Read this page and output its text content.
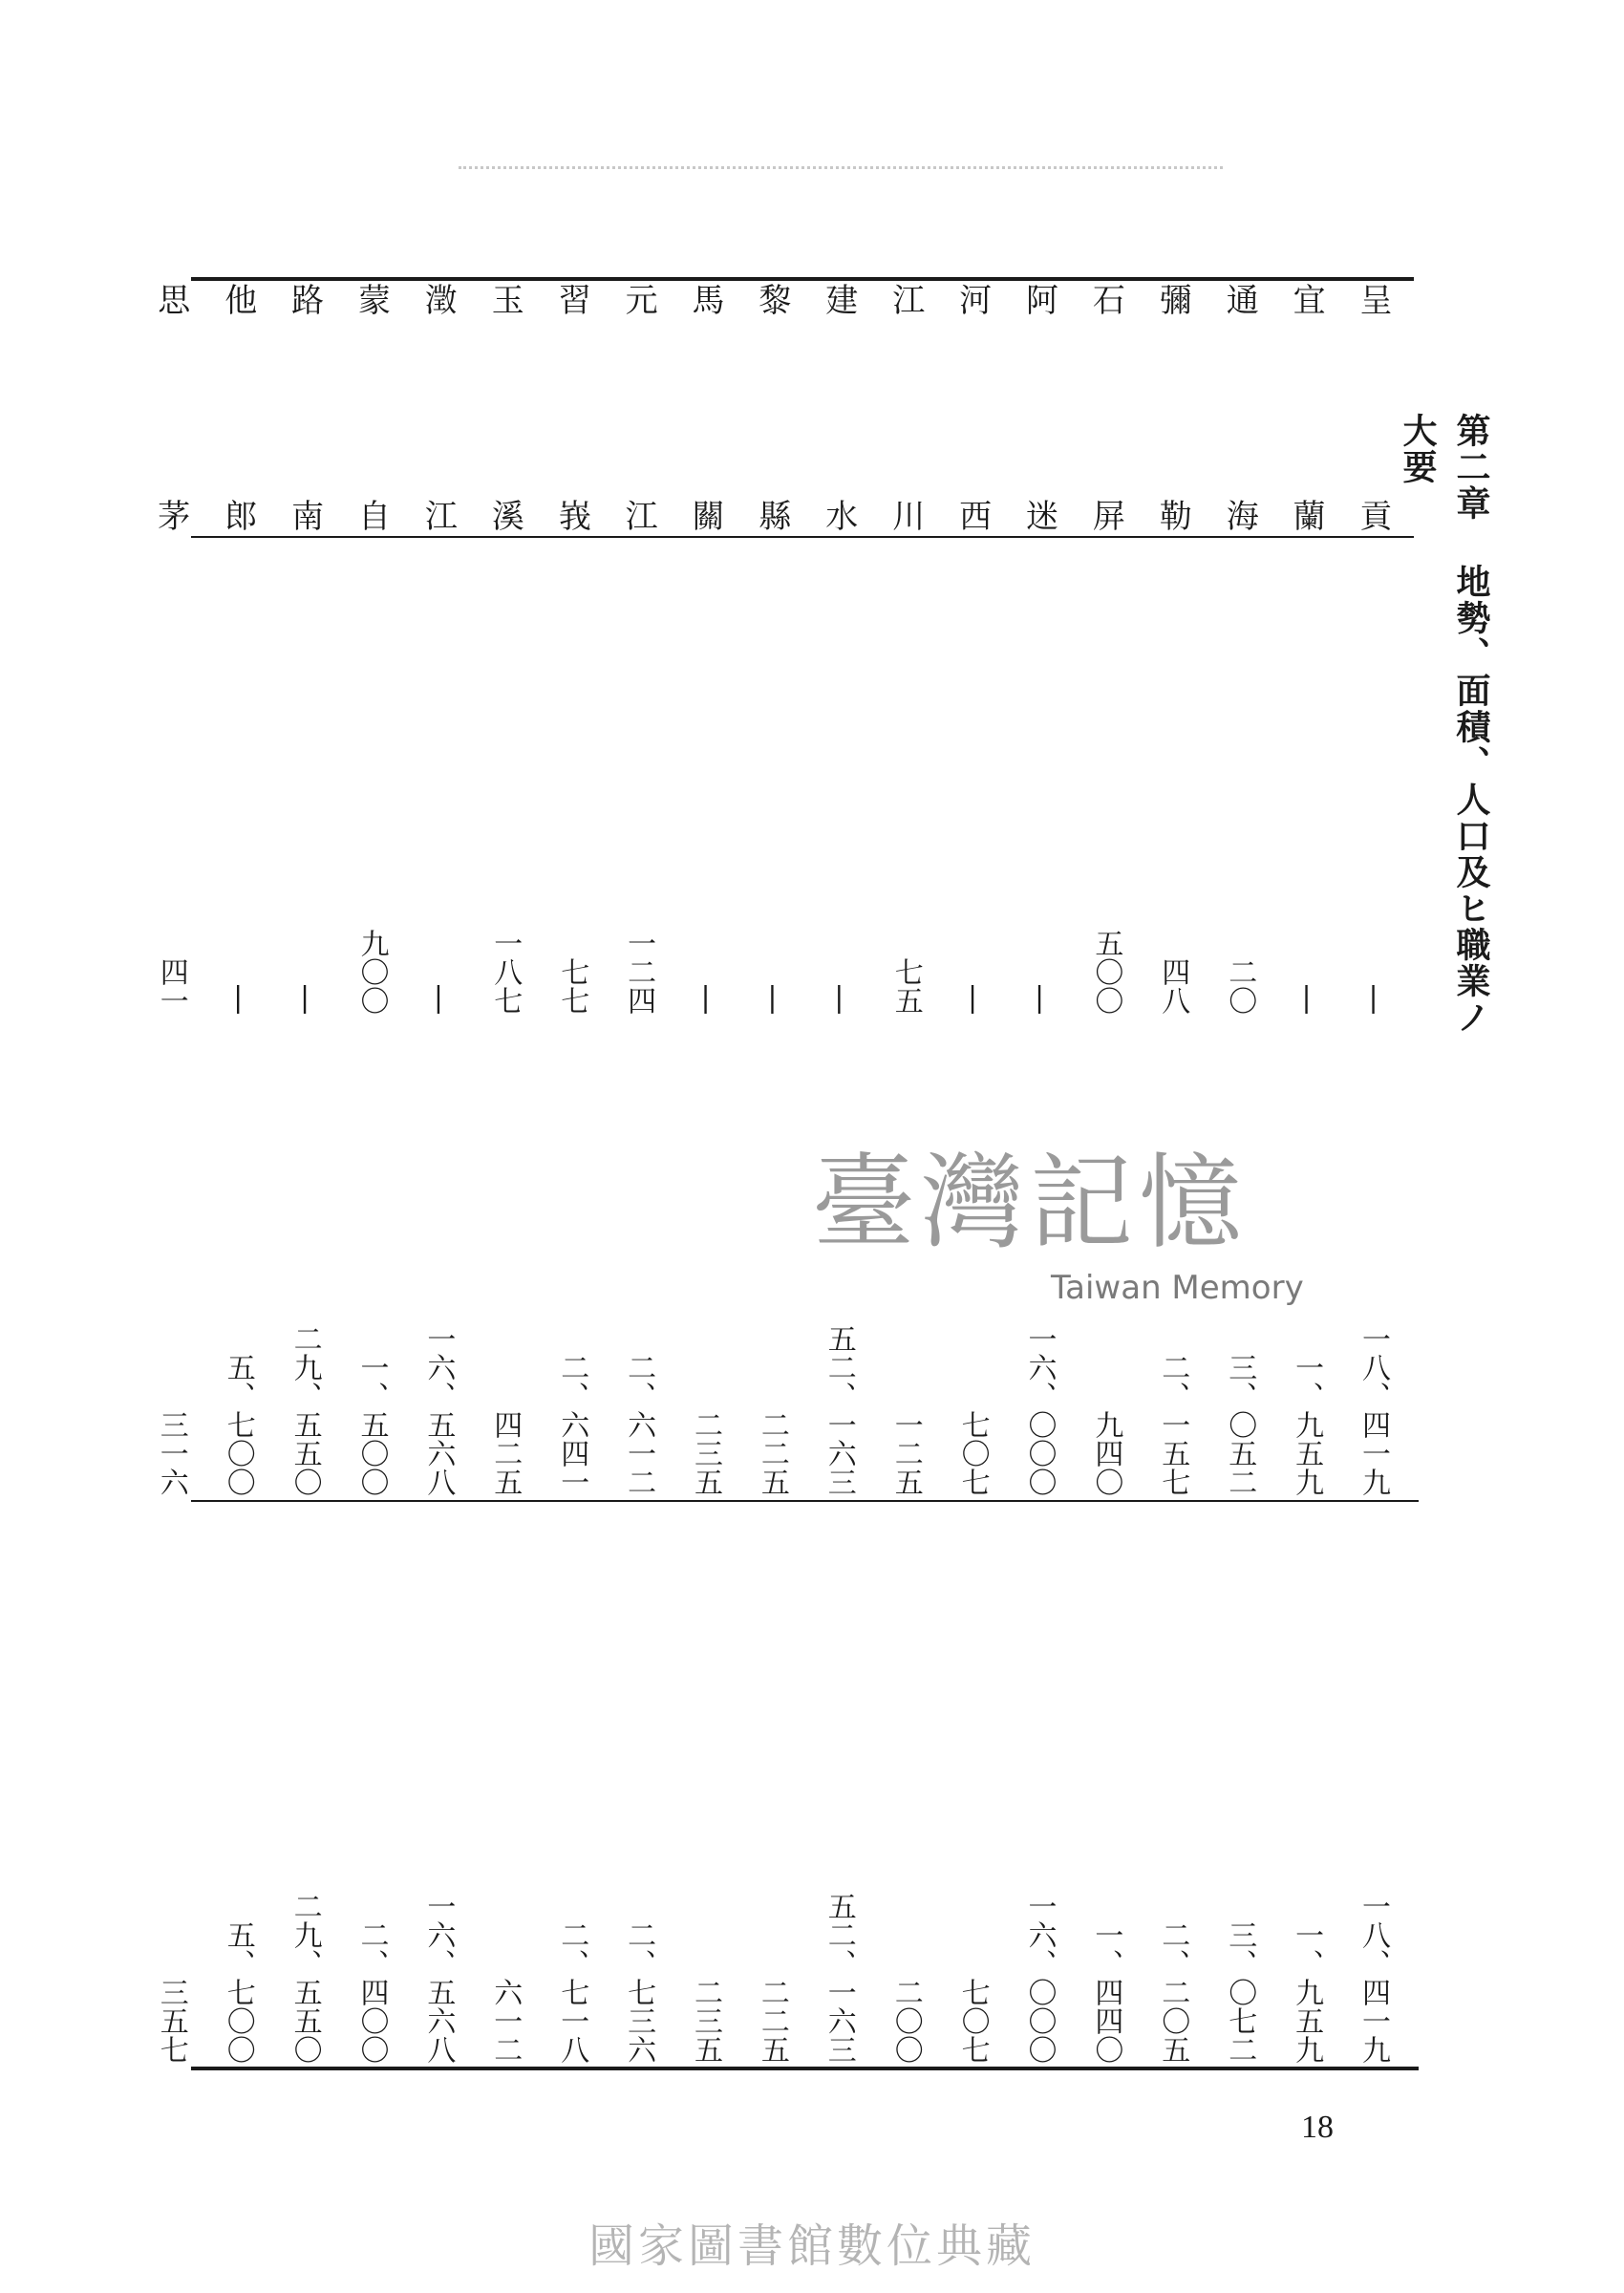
第二章 地勢、面積、人口及ヒ職業ノ大要
呈
貢
|
一八、四一九
一八、四一九
宜
蘭
|
一、九五九
一、九五九
通
海
二〇
三、〇五二
三、〇七二
彌
勒
四八
二、一五七
二、二〇五
石
屏
五〇〇
九四〇
一、四四〇
阿
迷
|
一六、〇〇〇
一六、〇〇〇
河
西
|
七〇七
七〇七
江
川
七五
一二五
二〇〇
建
水
|
五二、一六三
五二、一六三
黎
縣
|
二二五
二二五
馬
關
|
二三五
二三五
元
江
一二四
二、六一二
二、七三六
習
峩
七七
二、六四一
二、七一八
玉
溪
一八七
四二五
六一二
澂
江
|
一六、五六八
一六、五六八
蒙
自
九〇〇
一、五〇〇
二、四〇〇
路
南
|
二九、五五〇
二九、五五〇
他
郎
|
五、七〇〇
五、七〇〇
思
茅
四一
三一六
三五七
臺灣記憶
Taiwan Memory
18
國家圖書館數位典藏
